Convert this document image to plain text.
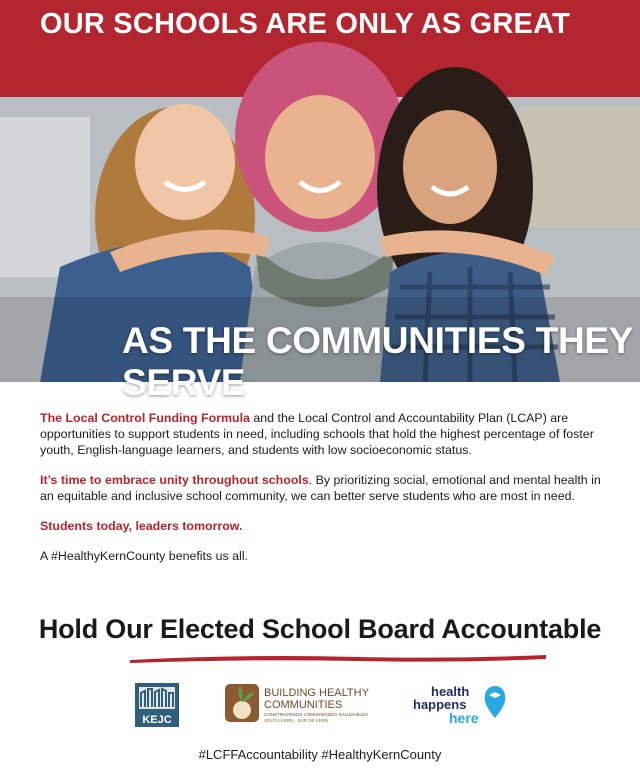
OUR SCHOOLS ARE ONLY AS GREAT
AS THE COMMUNITIES THEY SERVE

The Local Control Funding Formula and the Local Control and Accountability Plan (LCAP) are opportunities to support students in need, including schools that hold the highest percentage of foster youth, English-language learners, and students with low socioeconomic status.

It’s time to embrace unity throughout schools. By prioritizing social, emotional and mental health in an equitable and inclusive school community, we can better serve students who are most in need.

Students today, leaders tomorrow.

A #HealthyKernCounty benefits us all.

Hold Our Elected School Board Accountable
KEJC
BUILDING HEALTHY
COMMUNITIES
CONSTRUYENDO COMUNIDADES SALUDABLES
SOUTH KERN · SUR DE KERN
health
happens
here
#LCFFAccountability #HealthyKernCounty
